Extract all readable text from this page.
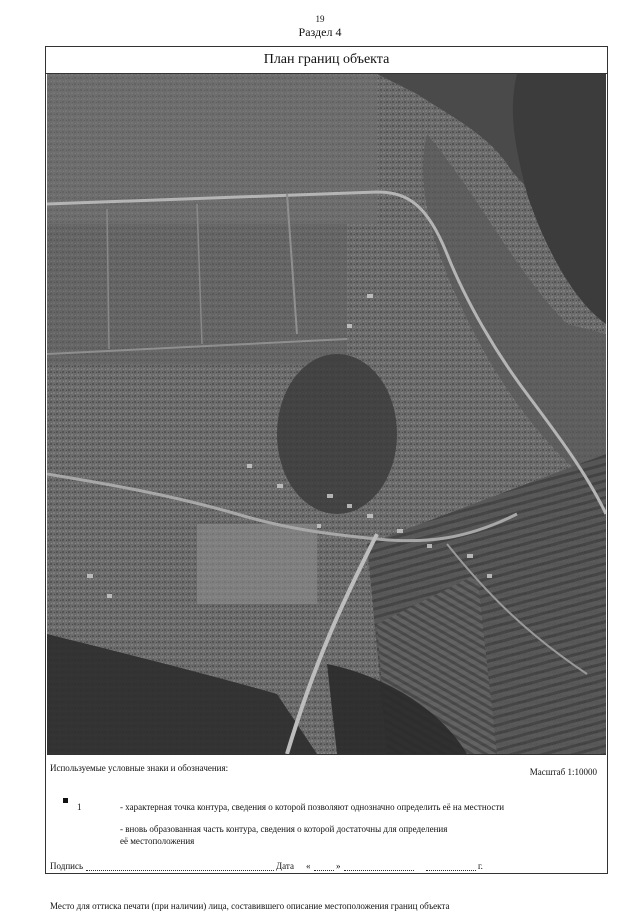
19
Раздел 4
План границ объекта
Используемые условные знаки и обозначения:	Масштаб 1:10000
1	- характерная точка контура, сведения о которой позволяют однозначно определить её на местности
- вновь образованная часть контура, сведения о которой достаточны для определения
её местоположения
Подпись	Дата «	»	г.
Место для оттиска печати (при наличии) лица, составившего описание местоположения границ объекта
